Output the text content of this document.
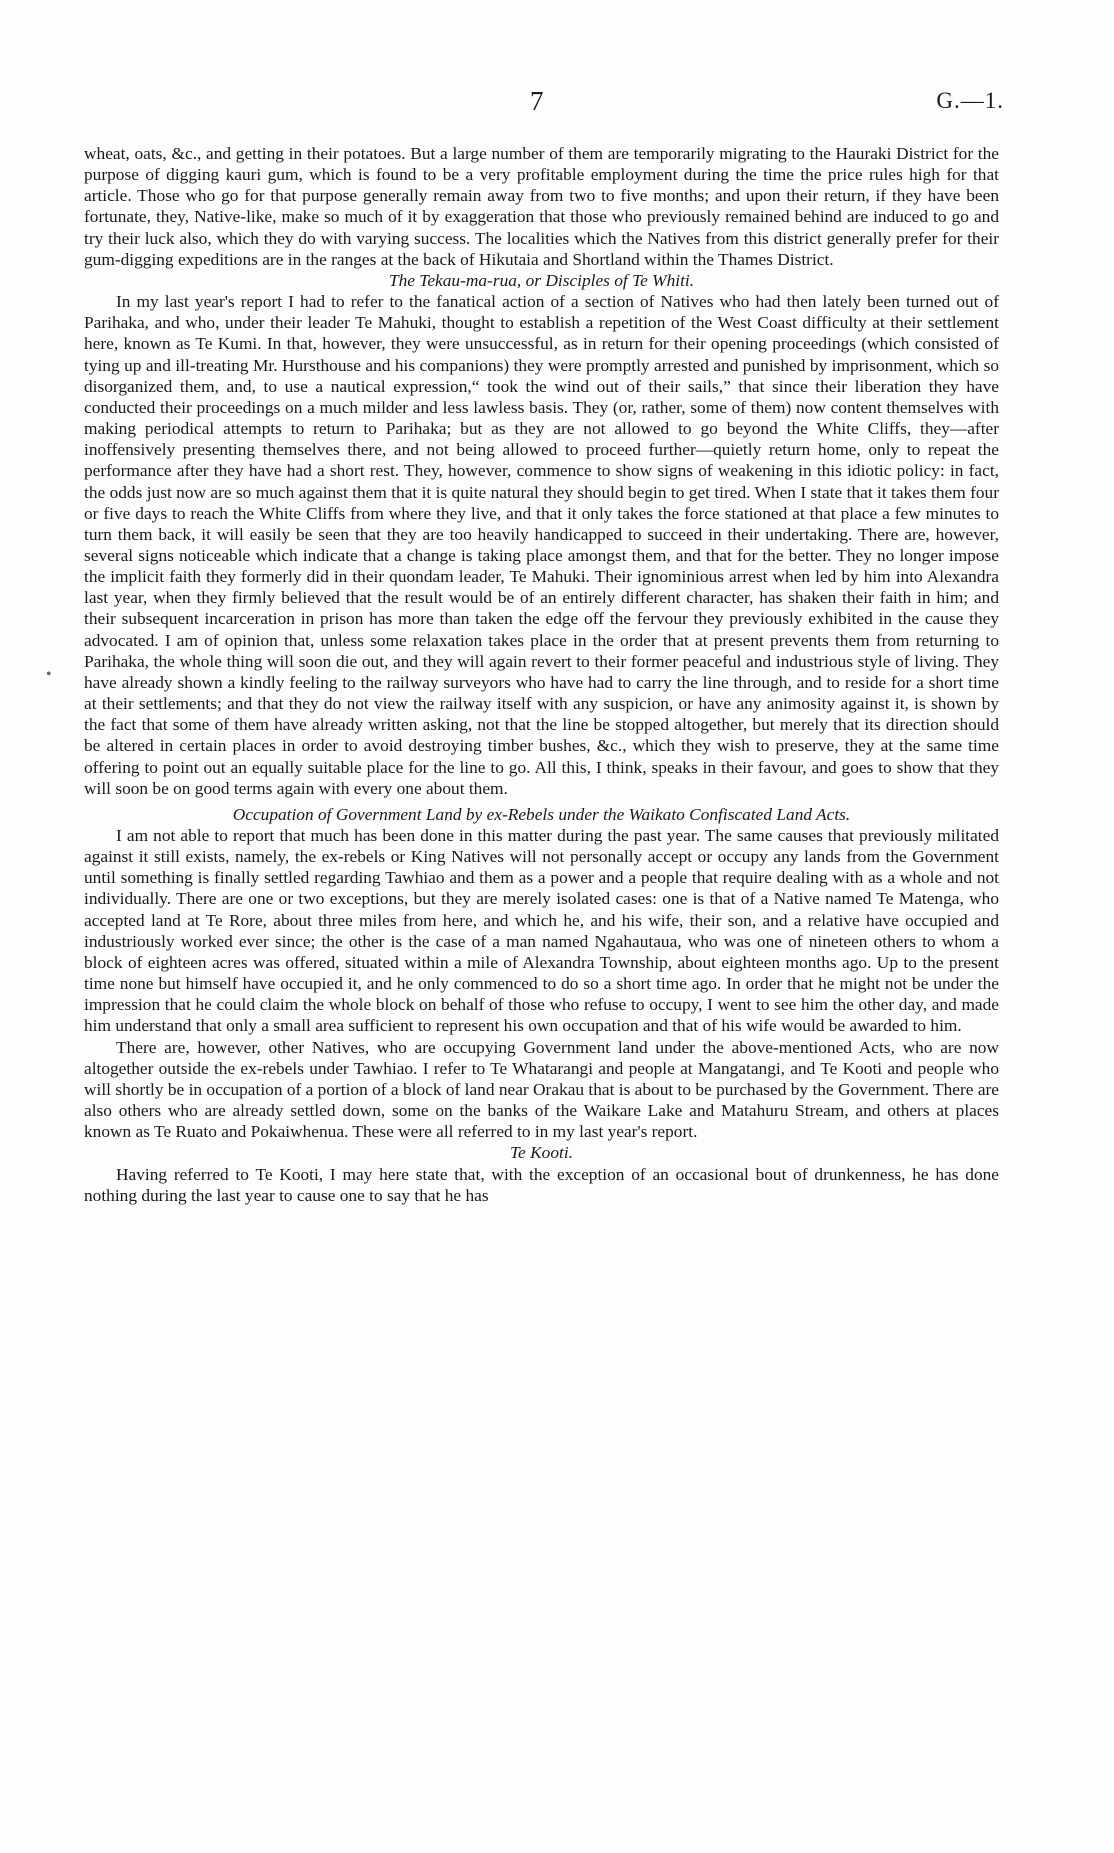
7	G.—1.
•

wheat, oats, &c., and getting in their potatoes. But a large number of them are temporarily migrating to the Hauraki District for the purpose of digging kauri gum, which is found to be a very profitable employment during the time the price rules high for that article. Those who go for that purpose generally remain away from two to five months; and upon their return, if they have been fortunate, they, Native-like, make so much of it by exaggeration that those who previously remained behind are induced to go and try their luck also, which they do with varying success. The localities which the Natives from this district generally prefer for their gum-digging expeditions are in the ranges at the back of Hikutaia and Shortland within the Thames District.

The Tekau-ma-rua, or Disciples of Te Whiti.

In my last year's report I had to refer to the fanatical action of a section of Natives who had then lately been turned out of Parihaka, and who, under their leader Te Mahuki, thought to establish a repetition of the West Coast difficulty at their settlement here, known as Te Kumi. In that, however, they were unsuccessful, as in return for their opening proceedings (which consisted of tying up and ill-treating Mr. Hursthouse and his companions) they were promptly arrested and punished by imprisonment, which so disorganized them, and, to use a nautical expression,“ took the wind out of their sails,” that since their liberation they have conducted their proceedings on a much milder and less lawless basis. They (or, rather, some of them) now content themselves with making periodical attempts to return to Parihaka; but as they are not allowed to go beyond the White Cliffs, they—after inoffensively presenting themselves there, and not being allowed to proceed further—quietly return home, only to repeat the performance after they have had a short rest. They, however, commence to show signs of weakening in this idiotic policy: in fact, the odds just now are so much against them that it is quite natural they should begin to get tired. When I state that it takes them four or five days to reach the White Cliffs from where they live, and that it only takes the force stationed at that place a few minutes to turn them back, it will easily be seen that they are too heavily handicapped to succeed in their undertaking. There are, however, several signs noticeable which indicate that a change is taking place amongst them, and that for the better. They no longer impose the implicit faith they formerly did in their quondam leader, Te Mahuki. Their ignominious arrest when led by him into Alexandra last year, when they firmly believed that the result would be of an entirely different character, has shaken their faith in him; and their subsequent incarceration in prison has more than taken the edge off the fervour they previously exhibited in the cause they advocated. I am of opinion that, unless some relaxation takes place in the order that at present prevents them from returning to Parihaka, the whole thing will soon die out, and they will again revert to their former peaceful and industrious style of living. They have already shown a kindly feeling to the railway surveyors who have had to carry the line through, and to reside for a short time at their settlements; and that they do not view the railway itself with any suspicion, or have any animosity against it, is shown by the fact that some of them have already written asking, not that the line be stopped altogether, but merely that its direction should be altered in certain places in order to avoid destroying timber bushes, &c., which they wish to preserve, they at the same time offering to point out an equally suitable place for the line to go. All this, I think, speaks in their favour, and goes to show that they will soon be on good terms again with every one about them.

Occupation of Government Land by ex-Rebels under the Waikato Confiscated Land Acts.

I am not able to report that much has been done in this matter during the past year. The same causes that previously militated against it still exists, namely, the ex-rebels or King Natives will not personally accept or occupy any lands from the Government until something is finally settled regarding Tawhiao and them as a power and a people that require dealing with as a whole and not individually. There are one or two exceptions, but they are merely isolated cases: one is that of a Native named Te Matenga, who accepted land at Te Rore, about three miles from here, and which he, and his wife, their son, and a relative have occupied and industriously worked ever since; the other is the case of a man named Ngahautaua, who was one of nineteen others to whom a block of eighteen acres was offered, situated within a mile of Alexandra Township, about eighteen months ago. Up to the present time none but himself have occupied it, and he only commenced to do so a short time ago. In order that he might not be under the impression that he could claim the whole block on behalf of those who refuse to occupy, I went to see him the other day, and made him understand that only a small area sufficient to represent his own occupation and that of his wife would be awarded to him.

There are, however, other Natives, who are occupying Government land under the above-mentioned Acts, who are now altogether outside the ex-rebels under Tawhiao. I refer to Te Whatarangi and people at Mangatangi, and Te Kooti and people who will shortly be in occupation of a portion of a block of land near Orakau that is about to be purchased by the Government. There are also others who are already settled down, some on the banks of the Waikare Lake and Matahuru Stream, and others at places known as Te Ruato and Pokaiwhenua. These were all referred to in my last year's report.

Te Kooti.

Having referred to Te Kooti, I may here state that, with the exception of an occasional bout of drunkenness, he has done nothing during the last year to cause one to say that he has
